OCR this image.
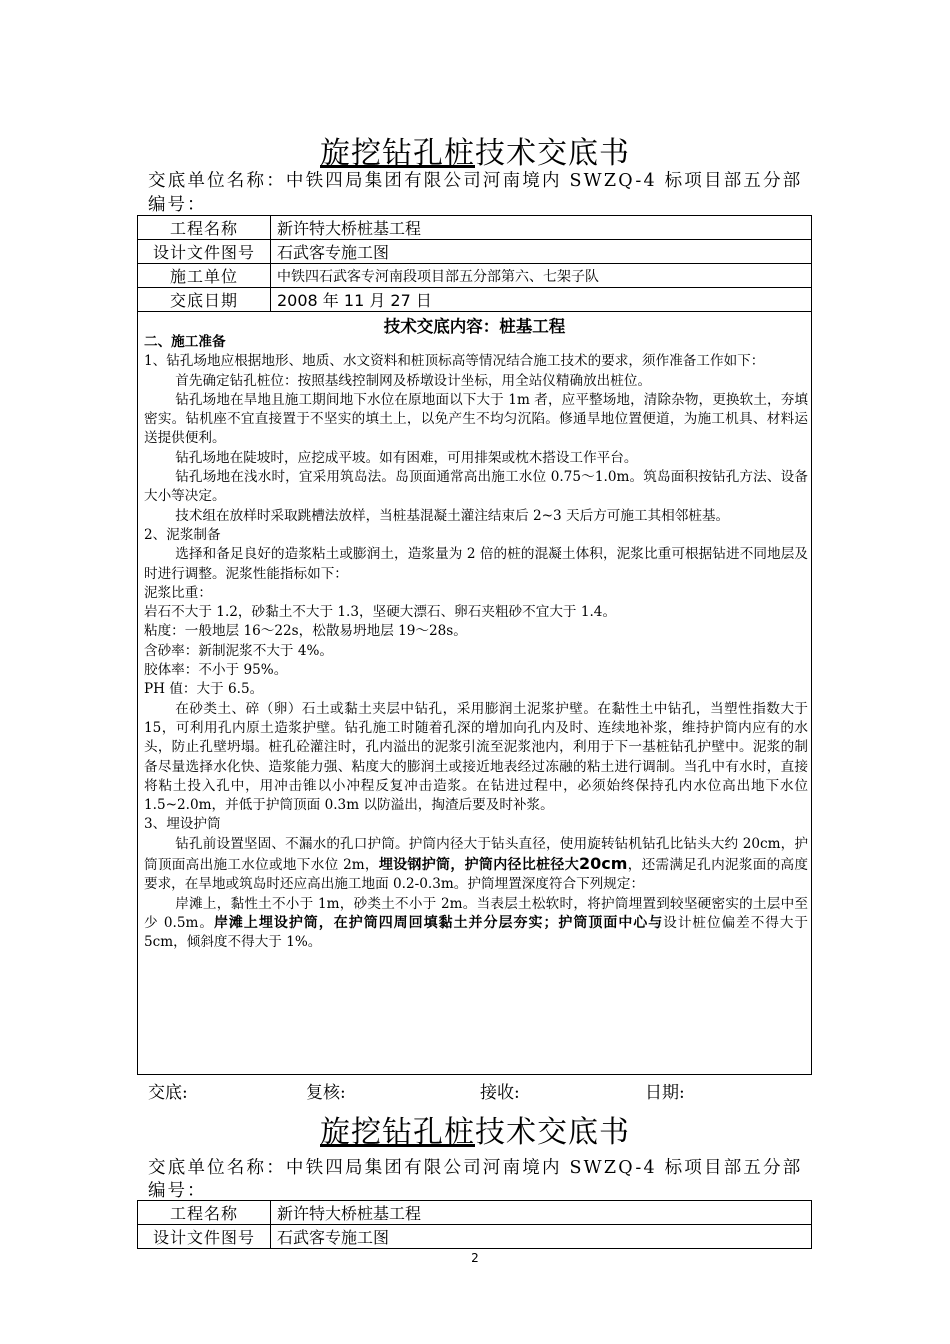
旋挖钻孔桩技术交底书
交底单位名称：中铁四局集团有限公司河南境内 SWZQ-4 标项目部五分部
编号：
工程名称	新许特大桥桩基工程
设计文件图号	石武客专施工图
施工单位	中铁四石武客专河南段项目部五分部第六、七架子队
交底日期	2008 年 11 月 27 日
技术交底内容：桩基工程
二、施工准备

1、钻孔场地应根据地形、地质、水文资料和桩顶标高等情况结合施工技术的要求，须作准备工作如下：

首先确定钻孔桩位：按照基线控制网及桥墩设计坐标，用全站仪精确放出桩位。

钻孔场地在旱地且施工期间地下水位在原地面以下大于 1m 者，应平整场地，清除杂物，更换软土，夯填密实。钻机座不宜直接置于不坚实的填土上，以免产生不均匀沉陷。修通旱地位置便道，为施工机具、材料运送提供便利。

钻孔场地在陡坡时，应挖成平坡。如有困难，可用排架或枕木搭设工作平台。

钻孔场地在浅水时，宜采用筑岛法。岛顶面通常高出施工水位 0.75～1.0m。筑岛面积按钻孔方法、设备大小等决定。

技术组在放样时采取跳槽法放样，当桩基混凝土灌注结束后 2~3 天后方可施工其相邻桩基。

2、泥浆制备

选择和备足良好的造浆粘土或膨润土，造浆量为 2 倍的桩的混凝土体积，泥浆比重可根据钻进不同地层及时进行调整。泥浆性能指标如下：

泥浆比重：

岩石不大于 1.2，砂黏土不大于 1.3，坚硬大漂石、卵石夹粗砂不宜大于 1.4。

粘度：一般地层 16～22s，松散易坍地层 19～28s。

含砂率：新制泥浆不大于 4%。

胶体率：不小于 95%。

PH 值：大于 6.5。

在砂类土、碎（卵）石土或黏土夹层中钻孔，采用膨润土泥浆护壁。在黏性土中钻孔，当塑性指数大于 15，可利用孔内原土造浆护壁。钻孔施工时随着孔深的增加向孔内及时、连续地补浆，维持护筒内应有的水头，防止孔壁坍塌。桩孔砼灌注时，孔内溢出的泥浆引流至泥浆池内，利用于下一基桩钻孔护壁中。泥浆的制备尽量选择水化快、造浆能力强、粘度大的膨润土或接近地表经过冻融的粘土进行调制。当孔中有水时，直接将粘土投入孔中，用冲击锥以小冲程反复冲击造浆。在钻进过程中，必须始终保持孔内水位高出地下水位 1.5~2.0m，并低于护筒顶面 0.3m 以防溢出，掏渣后要及时补浆。

3、埋设护筒

钻孔前设置坚固、不漏水的孔口护筒。护筒内径大于钻头直径，使用旋转钻机钻孔比钻头大约 20cm，护筒顶面高出施工水位或地下水位 2m，埋设钢护筒，护筒内径比桩径大20cm，还需满足孔内泥浆面的高度要求，在旱地或筑岛时还应高出施工地面 0.2-0.3m。护筒埋置深度符合下列规定：

岸滩上，黏性土不小于 1m，砂类土不小于 2m。当表层土松软时，将护筒埋置到较坚硬密实的土层中至少 0.5m。岸滩上埋设护筒，在护筒四周回填黏土并分层夯实；护筒顶面中心与设计桩位偏差不得大于 5cm，倾斜度不得大于 1%。

交底:	复核:	接收:	日期:
旋挖钻孔桩技术交底书
交底单位名称：中铁四局集团有限公司河南境内 SWZQ-4 标项目部五分部
编号：
工程名称	新许特大桥桩基工程
设计文件图号	石武客专施工图
2
